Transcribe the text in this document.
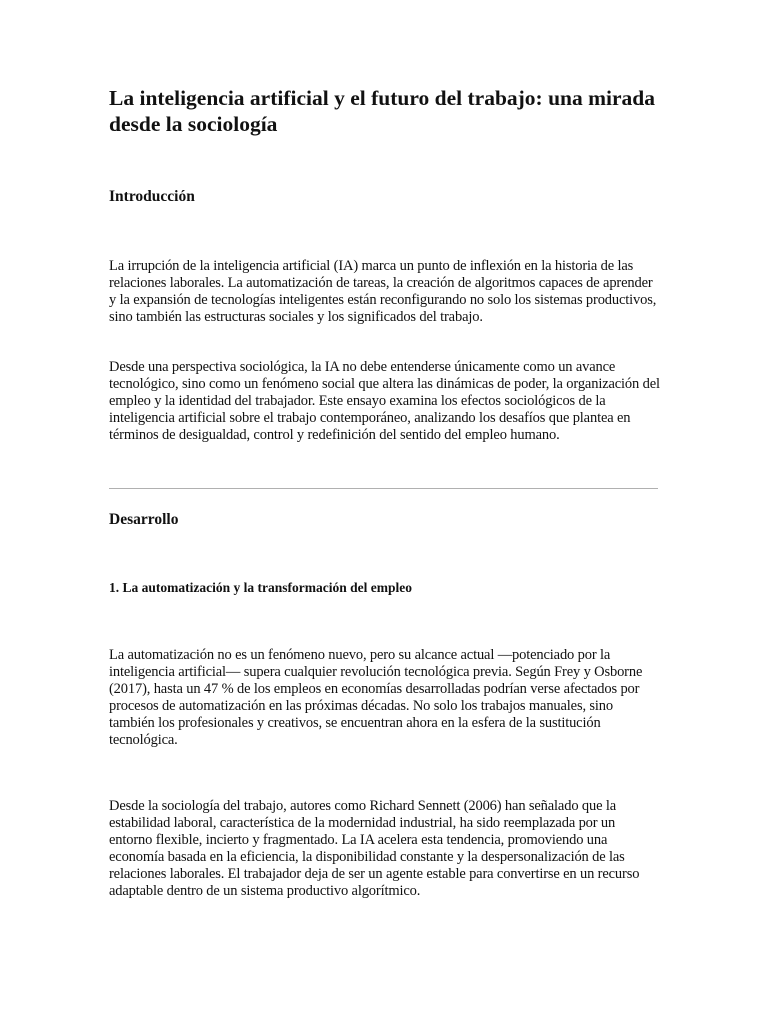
La inteligencia artificial y el futuro del trabajo: una mirada desde la sociología
Introducción

La irrupción de la inteligencia artificial (IA) marca un punto de inflexión en la historia de las relaciones laborales. La automatización de tareas, la creación de algoritmos capaces de aprender y la expansión de tecnologías inteligentes están reconfigurando no solo los sistemas productivos, sino también las estructuras sociales y los significados del trabajo.

Desde una perspectiva sociológica, la IA no debe entenderse únicamente como un avance tecnológico, sino como un fenómeno social que altera las dinámicas de poder, la organización del empleo y la identidad del trabajador. Este ensayo examina los efectos sociológicos de la inteligencia artificial sobre el trabajo contemporáneo, analizando los desafíos que plantea en términos de desigualdad, control y redefinición del sentido del empleo humano.

Desarrollo
1. La automatización y la transformación del empleo

La automatización no es un fenómeno nuevo, pero su alcance actual —potenciado por la inteligencia artificial— supera cualquier revolución tecnológica previa. Según Frey y Osborne (2017), hasta un 47 % de los empleos en economías desarrolladas podrían verse afectados por procesos de automatización en las próximas décadas. No solo los trabajos manuales, sino también los profesionales y creativos, se encuentran ahora en la esfera de la sustitución tecnológica.

Desde la sociología del trabajo, autores como Richard Sennett (2006) han señalado que la estabilidad laboral, característica de la modernidad industrial, ha sido reemplazada por un entorno flexible, incierto y fragmentado. La IA acelera esta tendencia, promoviendo una economía basada en la eficiencia, la disponibilidad constante y la despersonalización de las relaciones laborales. El trabajador deja de ser un agente estable para convertirse en un recurso adaptable dentro de un sistema productivo algorítmico.
